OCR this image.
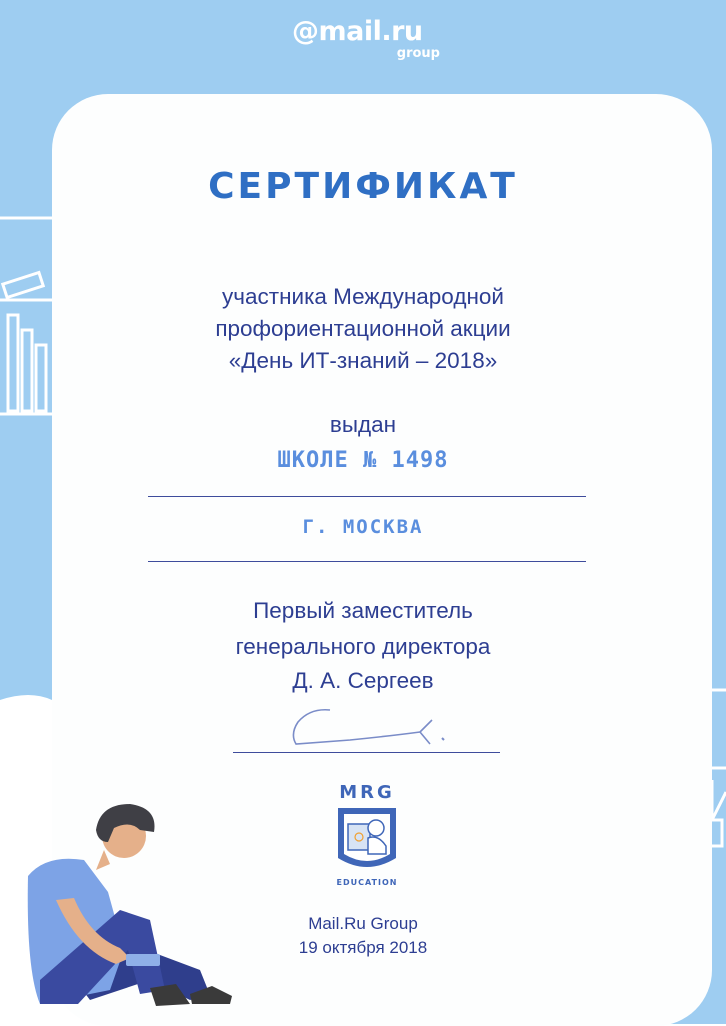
@mail.ru
group
СЕРТИФИКАТ
участника Международной
профориентационной акции
«День ИТ-знаний – 2018»
выдан
ШКОЛЕ № 1498
Г. МОСКВА
Первый заместитель
генерального директора
Д. А. Сергеев
MRG
EDUCATION
Mail.Ru Group
19 октября 2018
